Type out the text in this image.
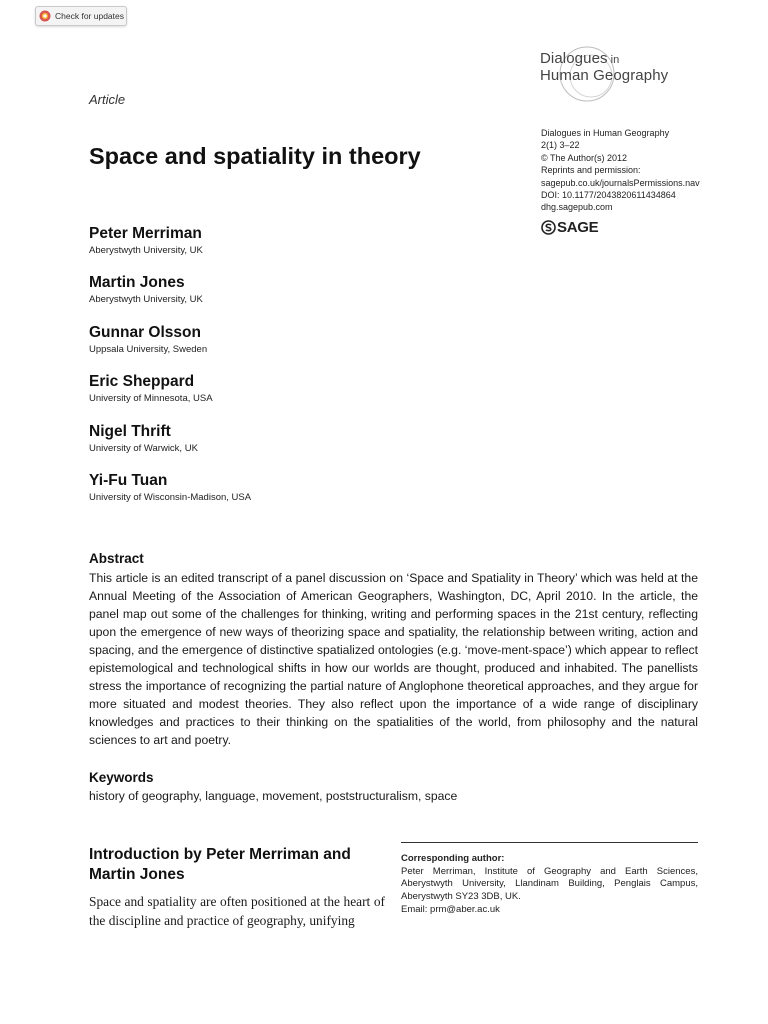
Check for updates
Dialogues in
Human Geography
Article
Dialogues in Human Geography
2(1) 3–22
© The Author(s) 2012
Reprints and permission:
sagepub.co.uk/journalsPermissions.nav
DOI: 10.1177/2043820611434864
dhg.sagepub.com
SAGE
Space and spatiality in theory
Peter Merriman
Aberystwyth University, UK
Martin Jones
Aberystwyth University, UK
Gunnar Olsson
Uppsala University, Sweden
Eric Sheppard
University of Minnesota, USA
Nigel Thrift
University of Warwick, UK
Yi-Fu Tuan
University of Wisconsin-Madison, USA
Abstract

This article is an edited transcript of a panel discussion on ‘Space and Spatiality in Theory’ which was held at the Annual Meeting of the Association of American Geographers, Washington, DC, April 2010. In the article, the panel map out some of the challenges for thinking, writing and performing spaces in the 21st century, reflecting upon the emergence of new ways of theorizing space and spatiality, the relationship between writing, action and spacing, and the emergence of distinctive spatialized ontologies (e.g. ‘move-ment-space’) which appear to reflect epistemological and technological shifts in how our worlds are thought, produced and inhabited. The panellists stress the importance of recognizing the partial nature of Anglophone theoretical approaches, and they argue for more situated and modest theories. They also reflect upon the importance of a wide range of disciplinary knowledges and practices to their thinking on the spatialities of the world, from philosophy and the natural sciences to art and poetry.

Keywords
history of geography, language, movement, poststructuralism, space
Introduction by Peter Merriman and Martin Jones

Space and spatiality are often positioned at the heart of the discipline and practice of geography, unifying

Corresponding author:
Peter Merriman, Institute of Geography and Earth Sciences, Aberystwyth University, Llandinam Building, Penglais Campus, Aberystwyth SY23 3DB, UK.
Email: prm@aber.ac.uk
